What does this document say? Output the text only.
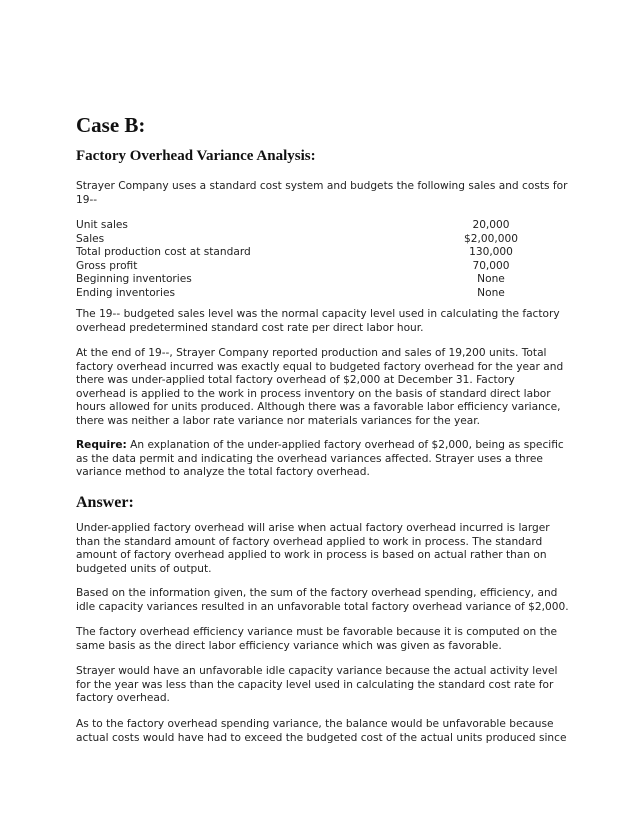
Case B:
Factory Overhead Variance Analysis:
Strayer Company uses a standard cost system and budgets the following sales and costs for
19--
Unit sales	20,000
Sales	$2,00,000
Total production cost at standard	130,000
Gross profit	70,000
Beginning inventories	None
Ending inventories	None
The 19-- budgeted sales level was the normal capacity level used in calculating the factory
overhead predetermined standard cost rate per direct labor hour.
At the end of 19--, Strayer Company reported production and sales of 19,200 units. Total
factory overhead incurred was exactly equal to budgeted factory overhead for the year and
there was under-applied total factory overhead of $2,000 at December 31. Factory
overhead is applied to the work in process inventory on the basis of standard direct labor
hours allowed for units produced. Although there was a favorable labor efficiency variance,
there was neither a labor rate variance nor materials variances for the year.
Require: An explanation of the under-applied factory overhead of $2,000, being as specific
as the data permit and indicating the overhead variances affected. Strayer uses a three
variance method to analyze the total factory overhead.
Answer:
Under-applied factory overhead will arise when actual factory overhead incurred is larger
than the standard amount of factory overhead applied to work in process. The standard
amount of factory overhead applied to work in process is based on actual rather than on
budgeted units of output.
Based on the information given, the sum of the factory overhead spending, efficiency, and
idle capacity variances resulted in an unfavorable total factory overhead variance of $2,000.
The factory overhead efficiency variance must be favorable because it is computed on the
same basis as the direct labor efficiency variance which was given as favorable.
Strayer would have an unfavorable idle capacity variance because the actual activity level
for the year was less than the capacity level used in calculating the standard cost rate for
factory overhead.
As to the factory overhead spending variance, the balance would be unfavorable because
actual costs would have had to exceed the budgeted cost of the actual units produced since
